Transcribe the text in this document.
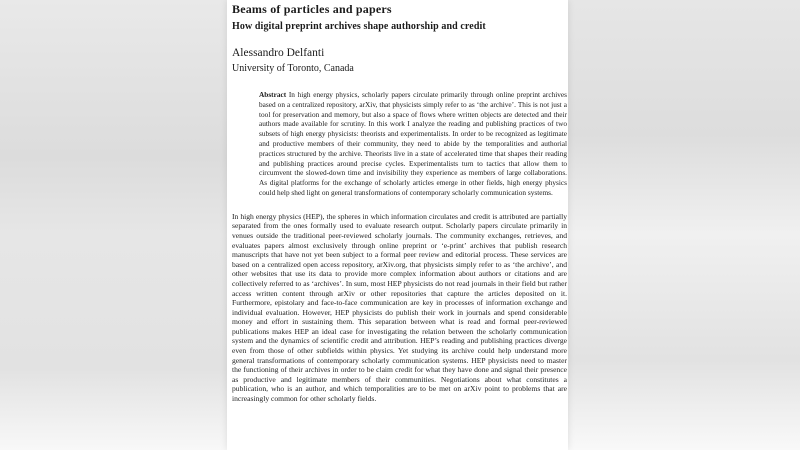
Beams of particles and papers
How digital preprint archives shape authorship and credit
Alessandro Delfanti
University of Toronto, Canada

Abstract In high energy physics, scholarly papers circulate primarily through online preprint archives based on a centralized repository, arXiv, that physicists simply refer to as ‘the archive’. This is not just a tool for preservation and memory, but also a space of flows where written objects are detected and their authors made available for scrutiny. In this work I analyze the reading and publishing practices of two subsets of high energy physicists: theorists and experimentalists. In order to be recognized as legitimate and productive members of their community, they need to abide by the temporalities and authorial practices structured by the archive. Theorists live in a state of accelerated time that shapes their reading and publishing practices around precise cycles. Experimentalists turn to tactics that allow them to circumvent the slowed-down time and invisibility they experience as members of large collaborations. As digital platforms for the exchange of scholarly articles emerge in other fields, high energy physics could help shed light on general transformations of contemporary scholarly communication systems.

In high energy physics (HEP), the spheres in which information circulates and credit is attributed are partially separated from the ones formally used to evaluate research output. Scholarly papers circulate primarily in venues outside the traditional peer-reviewed scholarly journals. The community exchanges, retrieves, and evaluates papers almost exclusively through online preprint or ‘e-print’ archives that publish research manuscripts that have not yet been subject to a formal peer review and editorial process. These services are based on a centralized open access repository, arXiv.org, that physicists simply refer to as ‘the archive’, and other websites that use its data to provide more complex information about authors or citations and are collectively referred to as ‘archives’. In sum, most HEP physicists do not read journals in their field but rather access written content through arXiv or other repositories that capture the articles deposited on it. Furthermore, epistolary and face-to-face communication are key in processes of information exchange and individual evaluation. However, HEP physicists do publish their work in journals and spend considerable money and effort in sustaining them. This separation between what is read and formal peer-reviewed publications makes HEP an ideal case for investigating the relation between the scholarly communication system and the dynamics of scientific credit and attribution. HEP’s reading and publishing practices diverge even from those of other subfields within physics. Yet studying its archive could help understand more general transformations of contemporary scholarly communication systems. HEP physicists need to master the functioning of their archives in order to be claim credit for what they have done and signal their presence as productive and legitimate members of their communities. Negotiations about what constitutes a publication, who is an author, and which temporalities are to be met on arXiv point to problems that are increasingly common for other scholarly fields.
